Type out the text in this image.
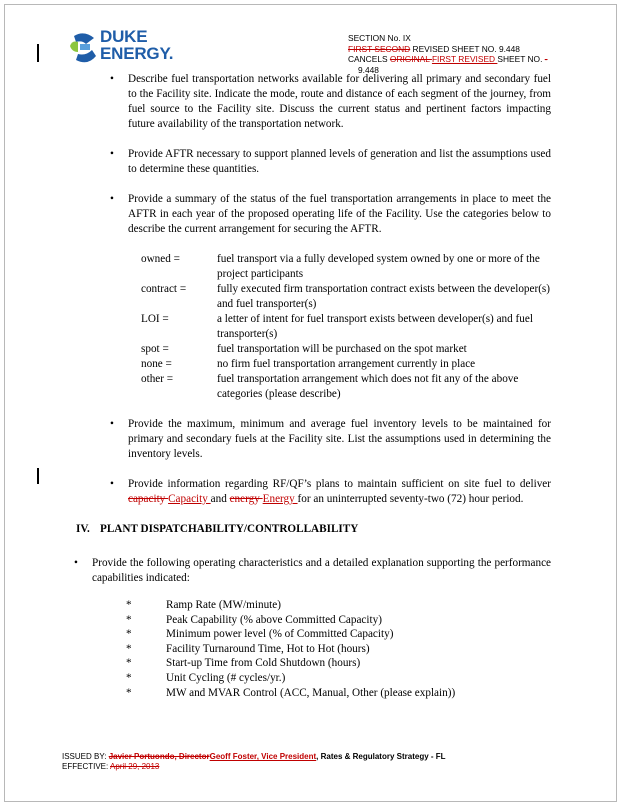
DUKE
ENERGY.
SECTION No. IX
FIRST SECOND REVISED SHEET NO. 9.448
CANCELS ORIGINAL FIRST REVISED SHEET NO. -
9.448

• Describe fuel transportation networks available for delivering all primary and secondary fuel to the Facility site. Indicate the mode, route and distance of each segment of the journey, from fuel source to the Facility site. Discuss the current status and pertinent factors impacting future availability of the transportation network.

• Provide AFTR necessary to support planned levels of generation and list the assumptions used to determine these quantities.

• Provide a summary of the status of the fuel transportation arrangements in place to meet the AFTR in each year of the proposed operating life of the Facility. Use the categories below to describe the current arrangement for securing the AFTR.

owned =	fuel transport via a fully developed system owned by one or more of the project participants
contract =	fully executed firm transportation contract exists between the developer(s) and fuel transporter(s)
LOI =	a letter of intent for fuel transport exists between developer(s) and fuel transporter(s)
spot =	fuel transportation will be purchased on the spot market
none =	no firm fuel transportation arrangement currently in place
other =	fuel transportation arrangement which does not fit any of the above categories (please describe)

• Provide the maximum, minimum and average fuel inventory levels to be maintained for primary and secondary fuels at the Facility site. List the assumptions used in determining the inventory levels.

• Provide information regarding RF/QF’s plans to maintain sufficient on site fuel to deliver capacity Capacity and energy Energy for an uninterrupted seventy-two (72) hour period.

IV. PLANT DISPATCHABILITY/CONTROLLABILITY
•	Provide the following operating characteristics and a detailed explanation supporting the performance capabilities indicated:
*	Ramp Rate (MW/minute)
*	Peak Capability (% above Committed Capacity)
*	Minimum power level (% of Committed Capacity)
*	Facility Turnaround Time, Hot to Hot (hours)
*	Start-up Time from Cold Shutdown (hours)
*	Unit Cycling (# cycles/yr.)
*	MW and MVAR Control (ACC, Manual, Other (please explain))
ISSUED BY: Javier Portuondo, DirectorGeoff Foster, Vice President, Rates & Regulatory Strategy - FL
EFFECTIVE: April 29, 2013
